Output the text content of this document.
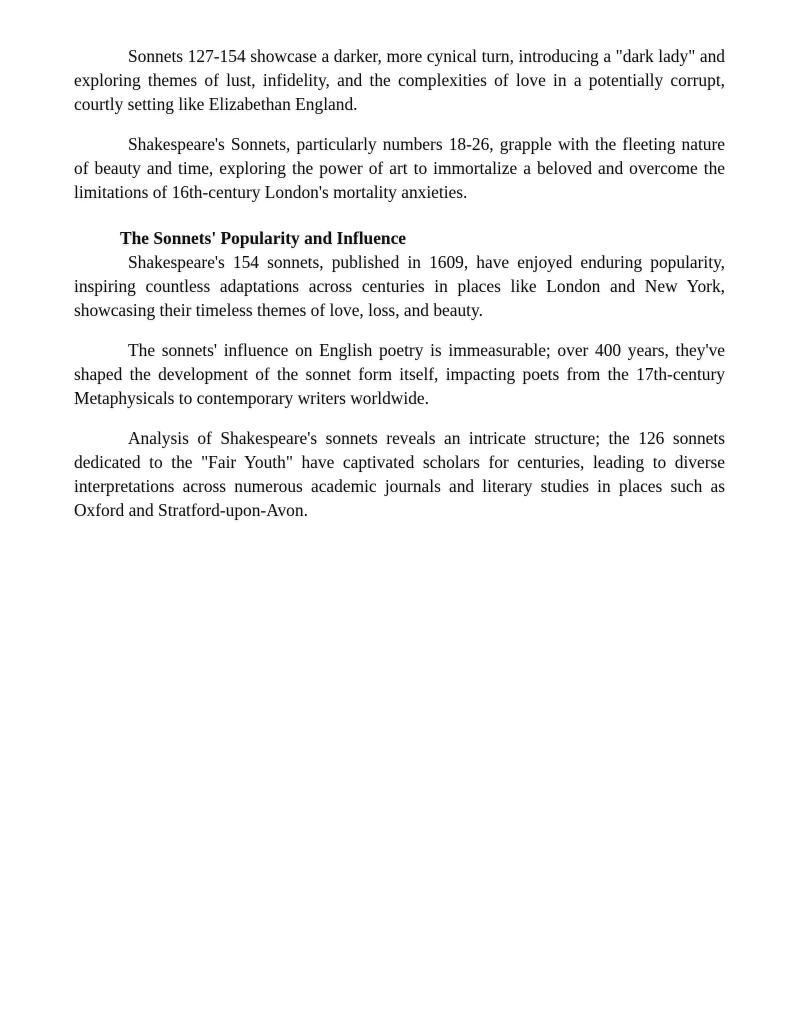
Sonnets 127-154 showcase a darker, more cynical turn, introducing a "dark lady" and exploring themes of lust, infidelity, and the complexities of love in a potentially corrupt, courtly setting like Elizabethan England.

Shakespeare's Sonnets, particularly numbers 18-26, grapple with the fleeting nature of beauty and time, exploring the power of art to immortalize a beloved and overcome the limitations of 16th-century London's mortality anxieties.

The Sonnets' Popularity and Influence

Shakespeare's 154 sonnets, published in 1609, have enjoyed enduring popularity, inspiring countless adaptations across centuries in places like London and New York, showcasing their timeless themes of love, loss, and beauty.

The sonnets' influence on English poetry is immeasurable; over 400 years, they've shaped the development of the sonnet form itself, impacting poets from the 17th-century Metaphysicals to contemporary writers worldwide.

Analysis of Shakespeare's sonnets reveals an intricate structure; the 126 sonnets dedicated to the "Fair Youth" have captivated scholars for centuries, leading to diverse interpretations across numerous academic journals and literary studies in places such as Oxford and Stratford-upon-Avon.
